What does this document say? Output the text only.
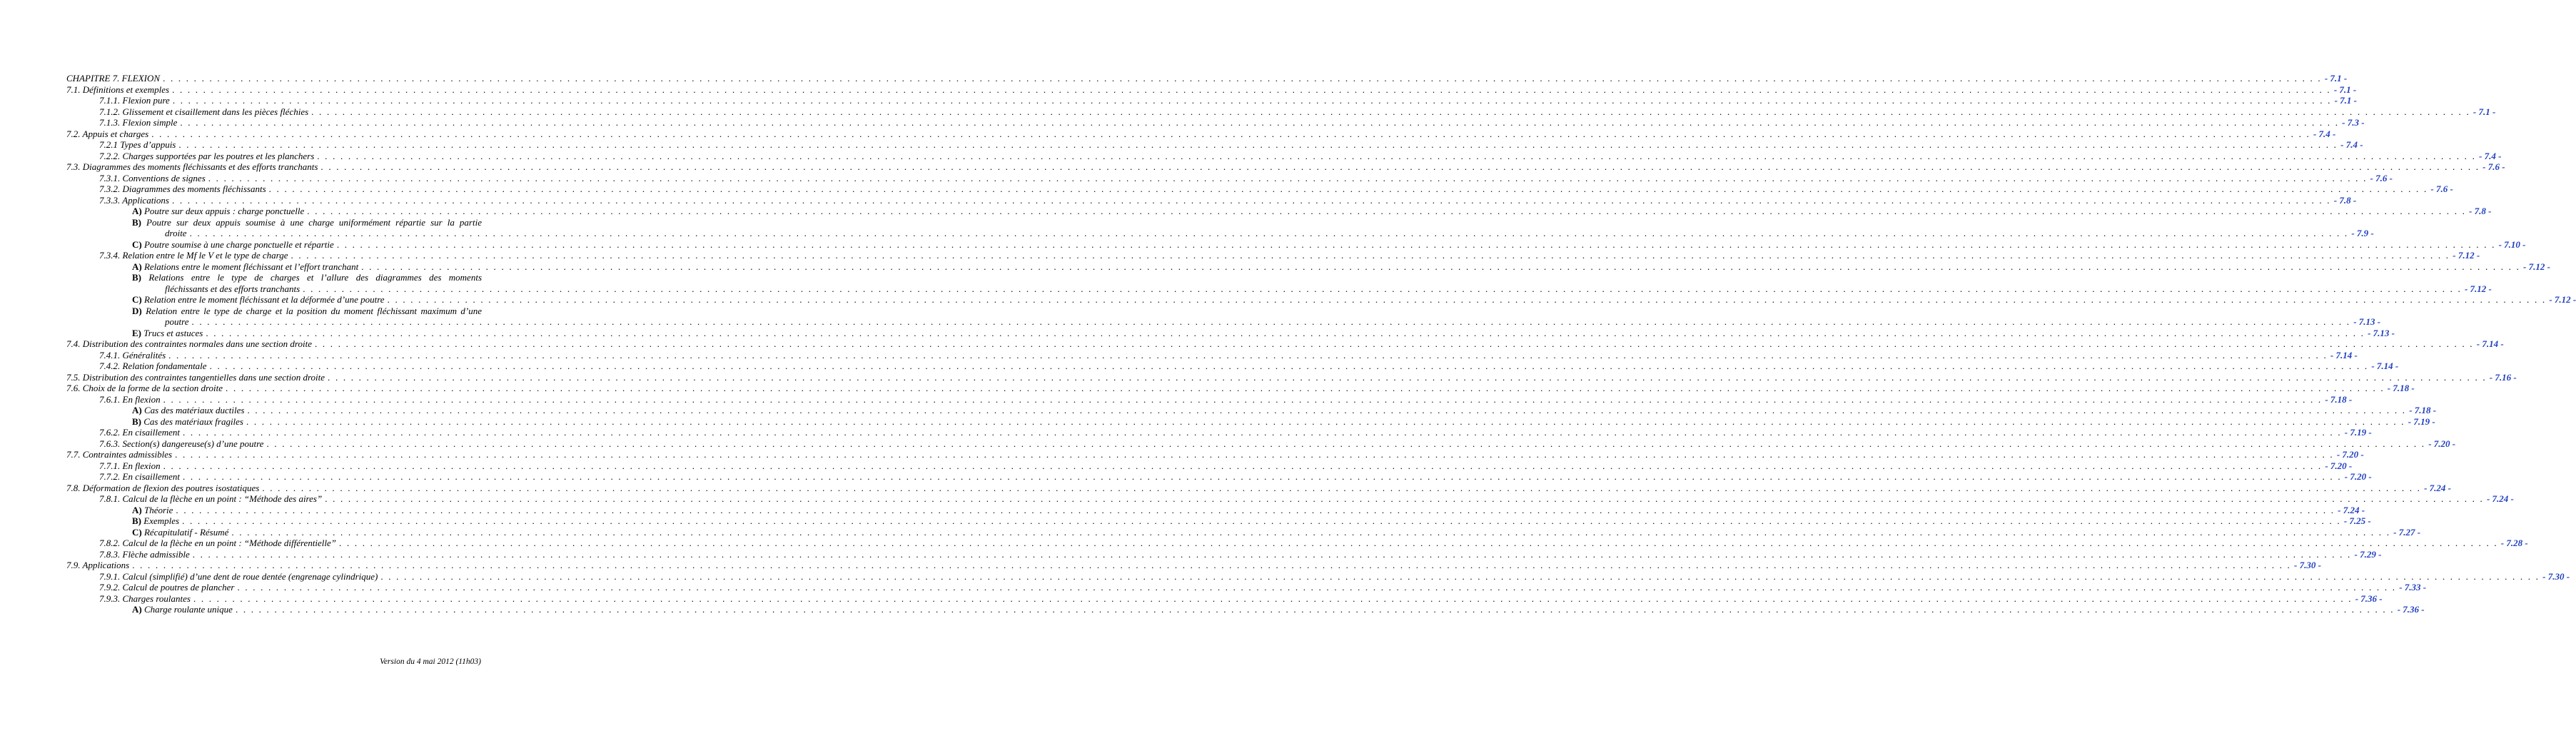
CHAPITRE 7. FLEXION . . .	- 7.1 -
7.1. Définitions et exemples . . .	- 7.1 -
7.1.1. Flexion pure . . .	- 7.1 -
7.1.2. Glissement et cisaillement dans les pièces fléchies . . .	- 7.1 -
7.1.3. Flexion simple . . .	- 7.3 -
7.2. Appuis et charges . . .	- 7.4 -
7.2.1 Types d’appuis . . .	- 7.4 -
7.2.2. Charges supportées par les poutres et les planchers . . .	- 7.4 -
7.3. Diagrammes des moments fléchissants et des efforts tranchants . . .	- 7.6 -
7.3.1. Conventions de signes . . .	- 7.6 -
7.3.2. Diagrammes des moments fléchissants . . .	- 7.6 -
7.3.3. Applications . . .	- 7.8 -
A) Poutre sur deux appuis : charge ponctuelle . . .	- 7.8 -
B) Poutre sur deux appuis soumise à une charge uniformément répartie sur la partie
droite . . .	- 7.9 -
C) Poutre soumise à une charge ponctuelle et répartie . . .	- 7.10 -
7.3.4. Relation entre le Mf le V et le type de charge . . .	- 7.12 -
A) Relations entre le moment fléchissant et l’effort tranchant . . .	- 7.12 -
B) Relations entre le type de charges et l’allure des diagrammes des moments
fléchissants et des efforts tranchants . . .	- 7.12 -
C) Relation entre le moment fléchissant et la déformée d’une poutre . . .	- 7.12 -
D) Relation entre le type de charge et la position du moment fléchissant maximum d’une
poutre . . .	- 7.13 -
E) Trucs et astuces . . .	- 7.13 -
7.4. Distribution des contraintes normales dans une section droite . . .	- 7.14 -
7.4.1. Généralités . . .	- 7.14 -
7.4.2. Relation fondamentale . . .	- 7.14 -
7.5. Distribution des contraintes tangentielles dans une section droite . . .	- 7.16 -
7.6. Choix de la forme de la section droite . . .	- 7.18 -
7.6.1. En flexion . . .	- 7.18 -
A) Cas des matériaux ductiles . . .	- 7.18 -
B) Cas des matériaux fragiles . . .	- 7.19 -
7.6.2. En cisaillement . . .	- 7.19 -
7.6.3. Section(s) dangereuse(s) d’une poutre . . .	- 7.20 -
7.7. Contraintes admissibles . . .	- 7.20 -
7.7.1. En flexion . . .	- 7.20 -
7.7.2. En cisaillement . . .	- 7.20 -
7.8. Déformation de flexion des poutres isostatiques . . .	- 7.24 -
7.8.1. Calcul de la flèche en un point : “Méthode des aires” . . .	- 7.24 -
A) Théorie . . .	- 7.24 -
B) Exemples . . .	- 7.25 -
C) Récapitulatif - Résumé . . .	- 7.27 -
7.8.2. Calcul de la flèche en un point : “Méthode différentielle” . . .	- 7.28 -
7.8.3. Flèche admissible . . .	- 7.29 -
7.9. Applications . . .	- 7.30 -
7.9.1. Calcul (simplifié) d’une dent de roue dentée (engrenage cylindrique) . . .	- 7.30 -
7.9.2. Calcul de poutres de plancher . . .	- 7.33 -
7.9.3. Charges roulantes . . .	- 7.36 -
A) Charge roulante unique . . .	- 7.36 -
Version du 4 mai 2012 (11h03)
